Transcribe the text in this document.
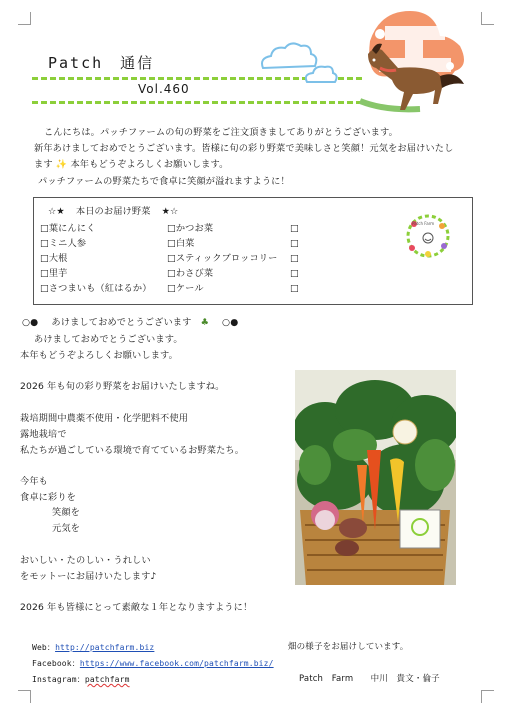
Patch　通信
Vol.460
こんにちは。パッチファームの旬の野菜をご注文頂きましてありがとうございます。
新年あけましておめでとうございます。皆様に旬の彩り野菜で美味しさと笑顔！元気をお届けいたし
ます ✨ 本年もどうぞよろしくお願いします。
パッチファームの野菜たちで食卓に笑顔が溢れますように！
☆★ 本日のお届け野菜 ★☆
□葉にんにく
□ミニ人参
□大根
□里芋
□さつまいも（紅はるか）
□かつお菜
□白菜
□スティックブロッコリー
□わさび菜
□ケール
□
□
□
□
□
Patch Farm
○● あけましておめでとうございます ♣ ○●
あけましておめでとうございます。
本年もどうぞよろしくお願いします。
2026 年も旬の彩り野菜をお届けいたしますね。
栽培期間中農薬不使用・化学肥料不使用
露地栽培で
私たちが過ごしている環境で育てているお野菜たち。
今年も
食卓に彩りを
笑顔を
元気を
おいしい・たのしい・うれしい
をモットーにお届けいたします♪
2026 年も皆様にとって素敵な１年となりますように！
Web：http://patchfarm.biz	畑の様子をお届けしています。
Facebook：https://www.facebook.com/patchfarm.biz/
Instagram：patchfarm	Patch　Farm　　中川　貴文・倫子
